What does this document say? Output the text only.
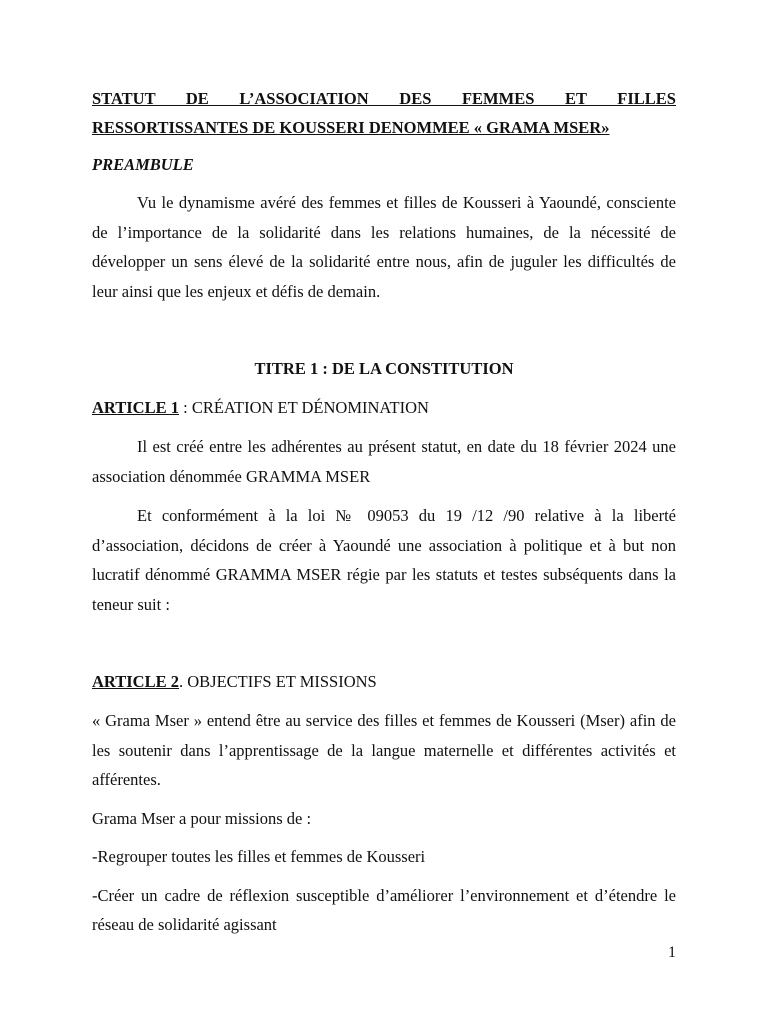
STATUT DE L’ASSOCIATION DES FEMMES ET FILLES
RESSORTISSANTES DE KOUSSERI DENOMMEE « GRAMA MSER»
PREAMBULE

Vu le dynamisme avéré des femmes et filles de Kousseri à Yaoundé, consciente de l’importance de la solidarité dans les relations humaines, de la nécessité de développer un sens élevé de la solidarité entre nous, afin de juguler les difficultés de leur ainsi que les enjeux et défis de demain.

TITRE 1 : DE LA CONSTITUTION
ARTICLE 1 : CRÉATION ET DÉNOMINATION

Il est créé entre les adhérentes au présent statut, en date du 18 février 2024 une association dénommée GRAMMA MSER

Et conformément à la loi № 09053 du 19 /12 /90 relative à la liberté d’association, décidons de créer à Yaoundé une association à politique et à but non lucratif dénommé GRAMMA MSER régie par les statuts et testes subséquents dans la teneur suit :

ARTICLE 2. OBJECTIFS ET MISSIONS

« Grama Mser » entend être au service des filles et femmes de Kousseri (Mser) afin de les soutenir dans l’apprentissage de la langue maternelle et différentes activités et afférentes.

Grama Mser a pour missions de :

-Regrouper toutes les filles et femmes de Kousseri

-Créer un cadre de réflexion susceptible d’améliorer l’environnement et d’étendre le réseau de solidarité agissant

1
